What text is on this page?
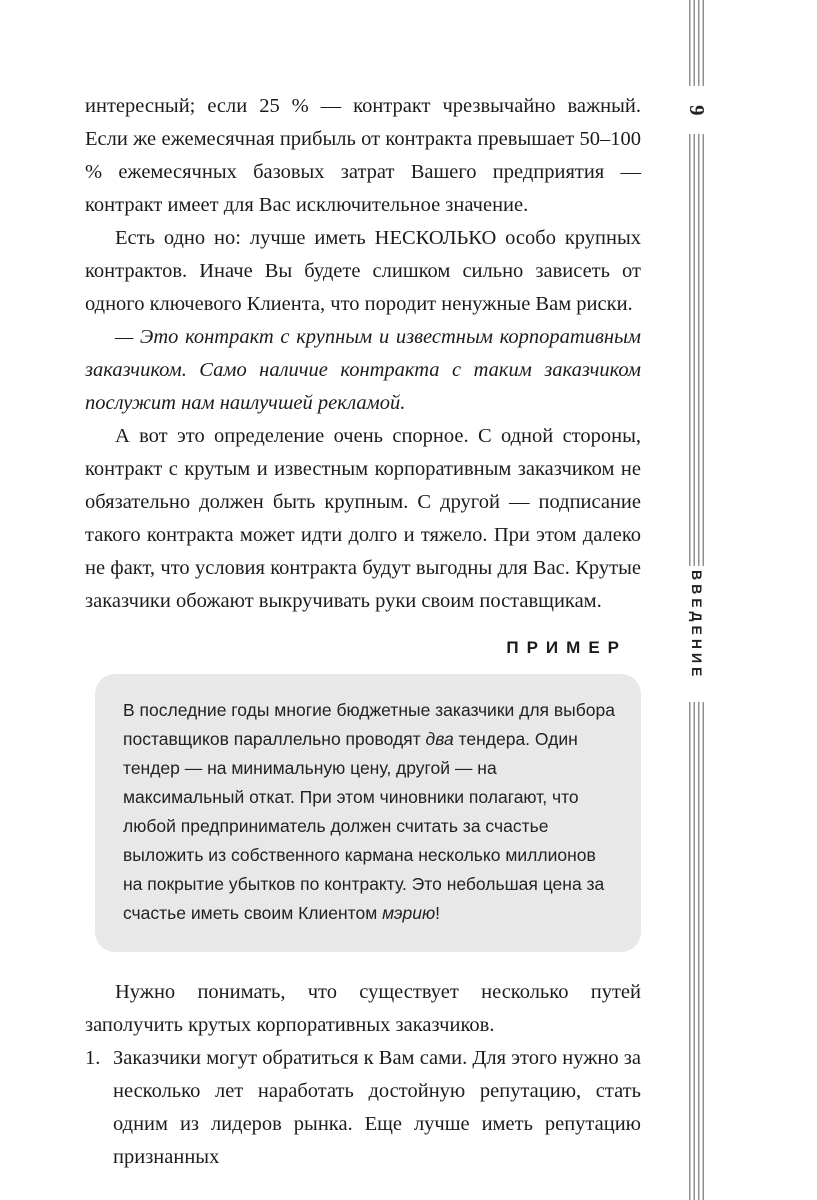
интересный; если 25 % — контракт чрезвычайно важный. Если же ежемесячная прибыль от контракта превышает 50–100 % ежемесячных базовых затрат Вашего предприятия — контракт имеет для Вас исключительное значение.

Есть одно но: лучше иметь НЕСКОЛЬКО особо крупных контрактов. Иначе Вы будете слишком сильно зависеть от одного ключевого Клиента, что породит ненужные Вам риски.

— Это контракт с крупным и известным корпоративным заказчиком. Само наличие контракта с таким заказчиком послужит нам наилучшей рекламой.

А вот это определение очень спорное. С одной стороны, контракт с крутым и известным корпоративным заказчиком не обязательно должен быть крупным. С другой — подписание такого контракта может идти долго и тяжело. При этом далеко не факт, что условия контракта будут выгодны для Вас. Крутые заказчики обожают выкручивать руки своим поставщикам.

ПРИМЕР

В последние годы многие бюджетные заказчики для выбора поставщиков параллельно проводят два тендера. Один тендер — на минимальную цену, другой — на максимальный откат. При этом чиновники полагают, что любой предприниматель должен считать за счастье выложить из собственного кармана несколько миллионов на покрытие убытков по контракту. Это небольшая цена за счастье иметь своим Клиентом мэрию!

Нужно понимать, что существует несколько путей заполучить крутых корпоративных заказчиков.

1. Заказчики могут обратиться к Вам сами. Для этого нужно за несколько лет наработать достойную репутацию, стать одним из лидеров рынка. Еще лучше иметь репутацию признанных
9
ВВЕДЕНИЕ
